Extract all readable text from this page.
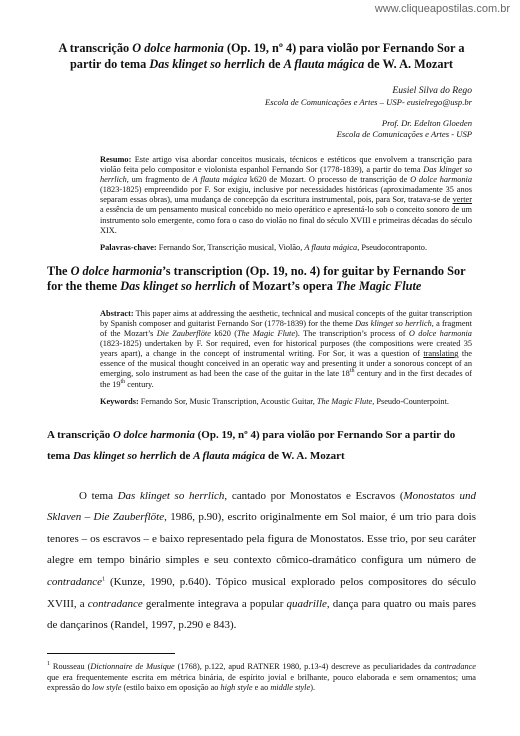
www.cliqueapostilas.com.br
A transcrição O dolce harmonia (Op. 19, nº 4) para violão por Fernando Sor a partir do tema Das klinget so herrlich de A flauta mágica de W. A. Mozart
Eusiel Silva do Rego
Escola de Comunicações e Artes – USP- eusielrego@usp.br
Prof. Dr. Edelton Gloeden
Escola de Comunicações e Artes - USP

Resumo: Este artigo visa abordar conceitos musicais, técnicos e estéticos que envolvem a transcrição para violão feita pelo compositor e violonista espanhol Fernando Sor (1778-1839), a partir do tema Das klinget so herrlich, um fragmento de A flauta mágica k620 de Mozart. O processo de transcrição de O dolce harmonia (1823-1825) empreendido por F. Sor exigiu, inclusive por necessidades históricas (aproximadamente 35 anos separam essas obras), uma mudança de concepção da escritura instrumental, pois, para Sor, tratava-se de verter a essência de um pensamento musical concebido no meio operático e apresentá-lo sob o conceito sonoro de um instrumento solo emergente, como fora o caso do violão no final do século XVIII e primeiras décadas do século XIX.

Palavras-chave: Fernando Sor, Transcrição musical, Violão, A flauta mágica, Pseudocontraponto.

The O dolce harmonia’s transcription (Op. 19, no. 4) for guitar by Fernando Sor for the theme Das klinget so herrlich of Mozart’s opera The Magic Flute

Abstract: This paper aims at addressing the aesthetic, technical and musical concepts of the guitar transcription by Spanish composer and guitarist Fernando Sor (1778-1839) for the theme Das klinget so herrlich, a fragment of the Mozart’s Die Zauberflöte k620 (The Magic Flute). The transcription’s process of O dolce harmonia (1823-1825) undertaken by F. Sor required, even for historical purposes (the compositions were created 35 years apart), a change in the concept of instrumental writing. For Sor, it was a question of translating the essence of the musical thought conceived in an operatic way and presenting it under a sonorous concept of an emerging, solo instrument as had been the case of the guitar in the late 18th century and in the first decades of the 19th century.

Keywords: Fernando Sor, Music Transcription, Acoustic Guitar, The Magic Flute, Pseudo-Counterpoint.

A transcrição O dolce harmonia (Op. 19, nº 4) para violão por Fernando Sor a partir do tema Das klinget so herrlich de A flauta mágica de W. A. Mozart

O tema Das klinget so herrlich, cantado por Monostatos e Escravos (Monostatos und Sklaven – Die Zauberflöte, 1986, p.90), escrito originalmente em Sol maior, é um trio para dois tenores – os escravos – e baixo representado pela figura de Monostatos. Esse trio, por seu caráter alegre em tempo binário simples e seu contexto cômico-dramático configura um número de contradance$^1$ (Kunze, 1990, p.640). Tópico musical explorado pelos compositores do século XVIII, a contradance geralmente integrava a popular quadrille, dança para quatro ou mais pares de dançarinos (Randel, 1997, p.290 e 843).

$^1$ Rousseau (Dictionnaire de Musique (1768), p.122, apud RATNER 1980, p.13-4) descreve as peculiaridades da contradance que era frequentemente escrita em métrica binária, de espírito jovial e brilhante, pouco elaborada e sem ornamentos; uma expressão do low style (estilo baixo em oposição ao high style e ao middle style).
